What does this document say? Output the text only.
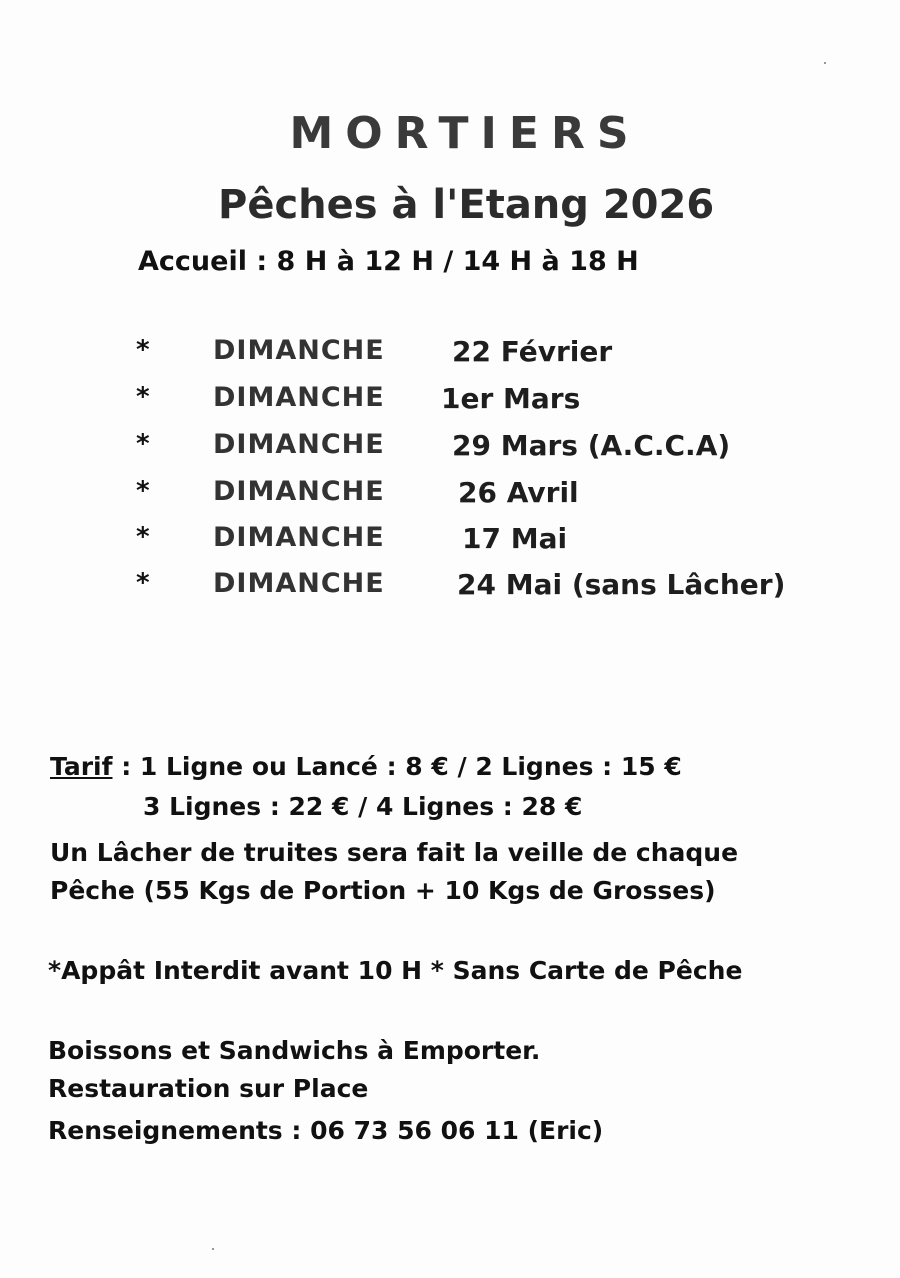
MORTIERS
Pêches à l'Etang 2026
Accueil : 8 H à 12 H / 14 H à 18 H
* DIMANCHE 22 Février
* DIMANCHE 1er Mars
* DIMANCHE 29 Mars (A.C.C.A)
* DIMANCHE	26 Avril
* DIMANCHE	17 Mai
* DIMANCHE	24 Mai (sans Lâcher)
Tarif : 1 Ligne ou Lancé : 8 € / 2 Lignes : 15 €
3 Lignes : 22 € / 4 Lignes : 28 €
Un Lâcher de truites sera fait la veille de chaque
Pêche (55 Kgs de Portion + 10 Kgs de Grosses)
*Appât Interdit avant 10 H * Sans Carte de Pêche
Boissons et Sandwichs à Emporter.
Restauration sur Place
Renseignements : 06 73 56 06 11 (Eric)
